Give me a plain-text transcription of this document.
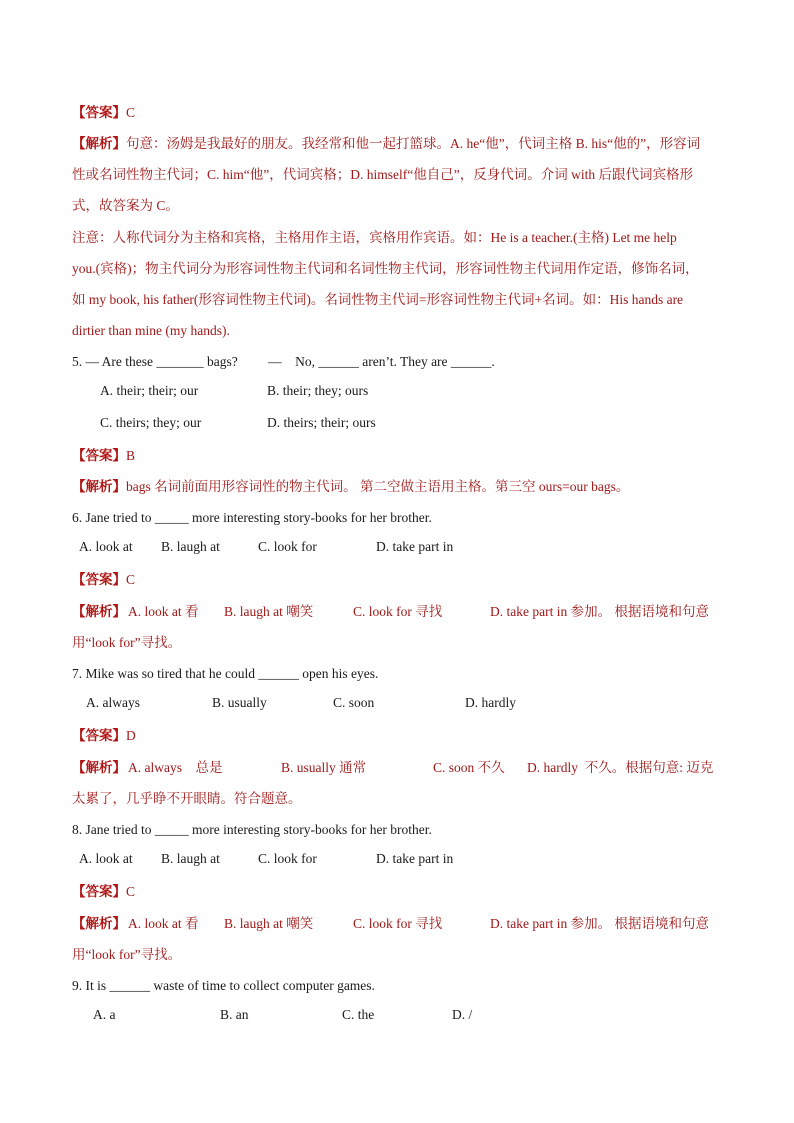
【答案】C
【解析】句意：汤姆是我最好的朋友。我经常和他一起打篮球。A. he“他”，代词主格 B. his“他的”，形容词
性或名词性物主代词；C. him“他”，代词宾格；D. himself“他自己”，反身代词。介词 with 后跟代词宾格形
式，故答案为 C。
注意：人称代词分为主格和宾格，主格用作主语，宾格用作宾语。如：He is a teacher.(主格) Let me help
you.(宾格)；物主代词分为形容词性物主代词和名词性物主代词，形容词性物主代词用作定语，修饰名词，
如 my book, his father(形容词性物主代词)。名词性物主代词=形容词性物主代词+名词。如：His hands are
dirtier than mine (my hands).
5. — Are these _______ bags?         —    No, ______ aren’t. They are ______.
A. their; their; our	B. their; they; ours
C. theirs; they; our	D. theirs; their; ours
【答案】B
【解析】bags 名词前面用形容词性的物主代词。 第二空做主语用主格。第三空 ours=our bags。
6. Jane tried to _____ more interesting story-books for her brother.
A. look at B. laugh at	C. look for	D. take part in
【答案】C
【解析】 A. look at 看 B. laugh at 嘲笑	C. look for 寻找	D. take part in 参加。 根据语境和句意
用“look for”寻找。
7. Mike was so tired that he could ______ open his eyes.
A. always	B. usually	C. soon	D. hardly
【答案】D
【解析】 A. always    总是	B. usually 通常	C. soon 不久 D. hardly  不久。根据句意: 迈克
太累了，几乎睁不开眼睛。符合题意。
8. Jane tried to _____ more interesting story-books for her brother.
A. look at B. laugh at	C. look for	D. take part in
【答案】C
【解析】 A. look at 看 B. laugh at 嘲笑	C. look for 寻找	D. take part in 参加。 根据语境和句意
用“look for”寻找。
9. It is ______ waste of time to collect computer games.
A. a	B. an	C. the	D. /
